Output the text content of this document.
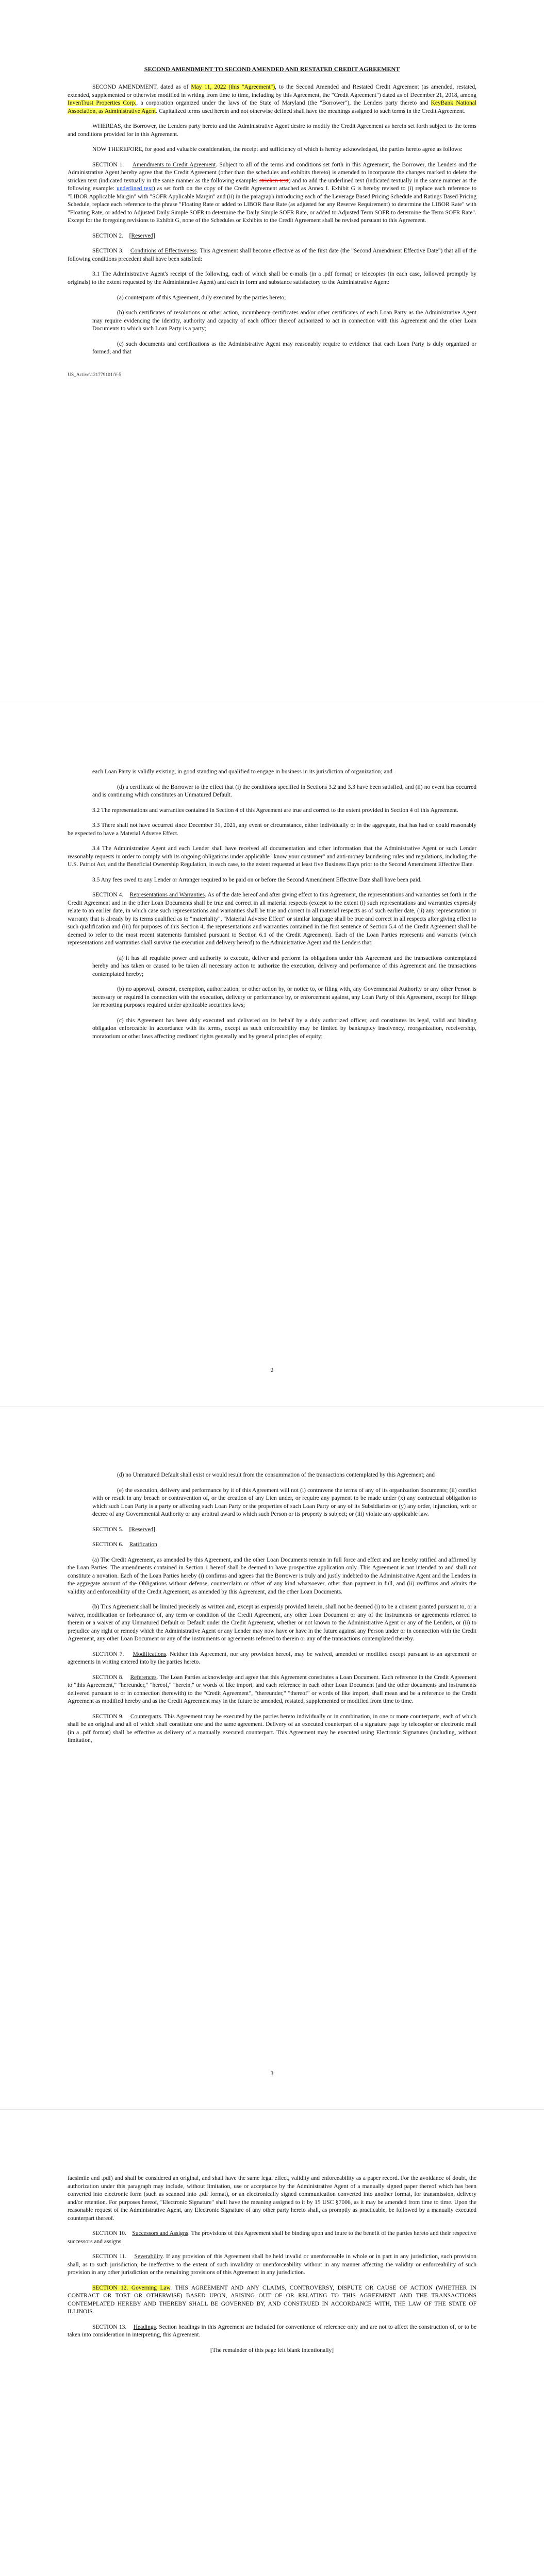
SECOND AMENDMENT TO SECOND AMENDED AND RESTATED CREDIT AGREEMENT

SECOND AMENDMENT, dated as of May 11, 2022 (this "Agreement"), to the Second Amended and Restated Credit Agreement (as amended, restated, extended, supplemented or otherwise modified in writing from time to time, including by this Agreement, the "Credit Agreement") dated as of December 21, 2018, among InvenTrust Properties Corp., a corporation organized under the laws of the State of Maryland (the "Borrower"), the Lenders party thereto and KeyBank National Association, as Administrative Agent. Capitalized terms used herein and not otherwise defined shall have the meanings assigned to such terms in the Credit Agreement.

WHEREAS, the Borrower, the Lenders party hereto and the Administrative Agent desire to modify the Credit Agreement as herein set forth subject to the terms and conditions provided for in this Agreement.

NOW THEREFORE, for good and valuable consideration, the receipt and sufficiency of which is hereby acknowledged, the parties hereto agree as follows:

SECTION 1. Amendments to Credit Agreement. Subject to all of the terms and conditions set forth in this Agreement, the Borrower, the Lenders and the Administrative Agent hereby agree that the Credit Agreement (other than the schedules and exhibits thereto) is amended to incorporate the changes marked to delete the stricken text (indicated textually in the same manner as the following example: stricken text) and to add the underlined text (indicated textually in the same manner as the following example: underlined text) as set forth on the copy of the Credit Agreement attached as Annex I. Exhibit G is hereby revised to (i) replace each reference to "LIBOR Applicable Margin" with "SOFR Applicable Margin" and (ii) in the paragraph introducing each of the Leverage Based Pricing Schedule and Ratings Based Pricing Schedule, replace each reference to the phrase "Floating Rate or added to LIBOR Base Rate (as adjusted for any Reserve Requirement) to determine the LIBOR Rate" with "Floating Rate, or added to Adjusted Daily Simple SOFR to determine the Daily Simple SOFR Rate, or added to Adjusted Term SOFR to determine the Term SOFR Rate". Except for the foregoing revisions to Exhibit G, none of the Schedules or Exhibits to the Credit Agreement shall be revised pursuant to this Agreement.

SECTION 2. [Reserved]

SECTION 3. Conditions of Effectiveness. This Agreement shall become effective as of the first date (the "Second Amendment Effective Date") that all of the following conditions precedent shall have been satisfied:

3.1 The Administrative Agent's receipt of the following, each of which shall be e-mails (in a .pdf format) or telecopies (in each case, followed promptly by originals) to the extent requested by the Administrative Agent) and each in form and substance satisfactory to the Administrative Agent:

(a) counterparts of this Agreement, duly executed by the parties hereto;

(b) such certificates of resolutions or other action, incumbency certificates and/or other certificates of each Loan Party as the Administrative Agent may require evidencing the identity, authority and capacity of each officer thereof authorized to act in connection with this Agreement and the other Loan Documents to which such Loan Party is a party;

(c) such documents and certifications as the Administrative Agent may reasonably require to evidence that each Loan Party is duly organized or formed, and that

US_Active\121779101\V-5

each Loan Party is validly existing, in good standing and qualified to engage in business in its jurisdiction of organization; and

(d) a certificate of the Borrower to the effect that (i) the conditions specified in Sections 3.2 and 3.3 have been satisfied, and (ii) no event has occurred and is continuing which constitutes an Unmatured Default.

3.2 The representations and warranties contained in Section 4 of this Agreement are true and correct to the extent provided in Section 4 of this Agreement.

3.3 There shall not have occurred since December 31, 2021, any event or circumstance, either individually or in the aggregate, that has had or could reasonably be expected to have a Material Adverse Effect.

3.4 The Administrative Agent and each Lender shall have received all documentation and other information that the Administrative Agent or such Lender reasonably requests in order to comply with its ongoing obligations under applicable "know your customer" and anti-money laundering rules and regulations, including the U.S. Patriot Act, and the Beneficial Ownership Regulation, in each case, to the extent requested at least five Business Days prior to the Second Amendment Effective Date.

3.5 Any fees owed to any Lender or Arranger required to be paid on or before the Second Amendment Effective Date shall have been paid.

SECTION 4. Representations and Warranties. As of the date hereof and after giving effect to this Agreement, the representations and warranties set forth in the Credit Agreement and in the other Loan Documents shall be true and correct in all material respects (except to the extent (i) such representations and warranties expressly relate to an earlier date, in which case such representations and warranties shall be true and correct in all material respects as of such earlier date, (ii) any representation or warranty that is already by its terms qualified as to "materiality", "Material Adverse Effect" or similar language shall be true and correct in all respects after giving effect to such qualification and (iii) for purposes of this Section 4, the representations and warranties contained in the first sentence of Section 5.4 of the Credit Agreement shall be deemed to refer to the most recent statements furnished pursuant to Section 6.1 of the Credit Agreement). Each of the Loan Parties represents and warrants (which representations and warranties shall survive the execution and delivery hereof) to the Administrative Agent and the Lenders that:

(a) it has all requisite power and authority to execute, deliver and perform its obligations under this Agreement and the transactions contemplated hereby and has taken or caused to be taken all necessary action to authorize the execution, delivery and performance of this Agreement and the transactions contemplated hereby;

(b) no approval, consent, exemption, authorization, or other action by, or notice to, or filing with, any Governmental Authority or any other Person is necessary or required in connection with the execution, delivery or performance by, or enforcement against, any Loan Party of this Agreement, except for filings for reporting purposes required under applicable securities laws;

(c) this Agreement has been duly executed and delivered on its behalf by a duly authorized officer, and constitutes its legal, valid and binding obligation enforceable in accordance with its terms, except as such enforceability may be limited by bankruptcy insolvency, reorganization, receivership, moratorium or other laws affecting creditors' rights generally and by general principles of equity;

2

(d) no Unmatured Default shall exist or would result from the consummation of the transactions contemplated by this Agreement; and

(e) the execution, delivery and performance by it of this Agreement will not (i) contravene the terms of any of its organization documents; (ii) conflict with or result in any breach or contravention of, or the creation of any Lien under, or require any payment to be made under (x) any contractual obligation to which such Loan Party is a party or affecting such Loan Party or the properties of such Loan Party or any of its Subsidiaries or (y) any order, injunction, writ or decree of any Governmental Authority or any arbitral award to which such Person or its property is subject; or (iii) violate any applicable law.

SECTION 5. [Reserved]

SECTION 6. Ratification

(a) The Credit Agreement, as amended by this Agreement, and the other Loan Documents remain in full force and effect and are hereby ratified and affirmed by the Loan Parties. The amendments contained in Section 1 hereof shall be deemed to have prospective application only. This Agreement is not intended to and shall not constitute a novation. Each of the Loan Parties hereby (i) confirms and agrees that the Borrower is truly and justly indebted to the Administrative Agent and the Lenders in the aggregate amount of the Obligations without defense, counterclaim or offset of any kind whatsoever, other than payment in full, and (ii) reaffirms and admits the validity and enforceability of the Credit Agreement, as amended by this Agreement, and the other Loan Documents.

(b) This Agreement shall be limited precisely as written and, except as expressly provided herein, shall not be deemed (i) to be a consent granted pursuant to, or a waiver, modification or forbearance of, any term or condition of the Credit Agreement, any other Loan Document or any of the instruments or agreements referred to therein or a waiver of any Unmatured Default or Default under the Credit Agreement, whether or not known to the Administrative Agent or any of the Lenders, or (ii) to prejudice any right or remedy which the Administrative Agent or any Lender may now have or have in the future against any Person under or in connection with the Credit Agreement, any other Loan Document or any of the instruments or agreements referred to therein or any of the transactions contemplated thereby.

SECTION 7. Modifications. Neither this Agreement, nor any provision hereof, may be waived, amended or modified except pursuant to an agreement or agreements in writing entered into by the parties hereto.

SECTION 8. References. The Loan Parties acknowledge and agree that this Agreement constitutes a Loan Document. Each reference in the Credit Agreement to "this Agreement," "hereunder," "hereof," "herein," or words of like import, and each reference in each other Loan Document (and the other documents and instruments delivered pursuant to or in connection therewith) to the "Credit Agreement", "thereunder," "thereof" or words of like import, shall mean and be a reference to the Credit Agreement as modified hereby and as the Credit Agreement may in the future be amended, restated, supplemented or modified from time to time.

SECTION 9. Counterparts. This Agreement may be executed by the parties hereto individually or in combination, in one or more counterparts, each of which shall be an original and all of which shall constitute one and the same agreement. Delivery of an executed counterpart of a signature page by telecopier or electronic mail (in a .pdf format) shall be effective as delivery of a manually executed counterpart. This Agreement may be executed using Electronic Signatures (including, without limitation,

3

facsimile and .pdf) and shall be considered an original, and shall have the same legal effect, validity and enforceability as a paper record. For the avoidance of doubt, the authorization under this paragraph may include, without limitation, use or acceptance by the Administrative Agent of a manually signed paper thereof which has been converted into electronic form (such as scanned into .pdf format), or an electronically signed communication converted into another format, for transmission, delivery and/or retention. For purposes hereof, "Electronic Signature" shall have the meaning assigned to it by 15 USC §7006, as it may be amended from time to time. Upon the reasonable request of the Administrative Agent, any Electronic Signature of any other party hereto shall, as promptly as practicable, be followed by a manually executed counterpart thereof.

SECTION 10. Successors and Assigns. The provisions of this Agreement shall be binding upon and inure to the benefit of the parties hereto and their respective successors and assigns.

SECTION 11. Severability. If any provision of this Agreement shall be held invalid or unenforceable in whole or in part in any jurisdiction, such provision shall, as to such jurisdiction, be ineffective to the extent of such invalidity or unenforceability without in any manner affecting the validity or enforceability of such provision in any other jurisdiction or the remaining provisions of this Agreement in any jurisdiction.

SECTION 12. Governing Law. THIS AGREEMENT AND ANY CLAIMS, CONTROVERSY, DISPUTE OR CAUSE OF ACTION (WHETHER IN CONTRACT OR TORT OR OTHERWISE) BASED UPON, ARISING OUT OF OR RELATING TO THIS AGREEMENT AND THE TRANSACTIONS CONTEMPLATED HEREBY AND THEREBY SHALL BE GOVERNED BY, AND CONSTRUED IN ACCORDANCE WITH, THE LAW OF THE STATE OF ILLINOIS.

SECTION 13. Headings. Section headings in this Agreement are included for convenience of reference only and are not to affect the construction of, or to be taken into consideration in interpreting, this Agreement.

[The remainder of this page left blank intentionally]
